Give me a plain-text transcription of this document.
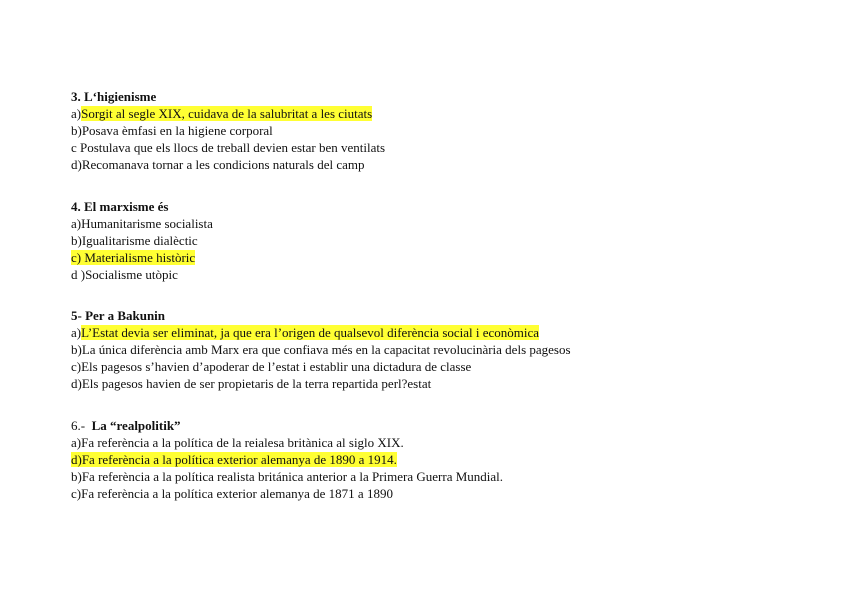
3. L‘higienisme
a)Sorgit al segle XIX, cuidava de la salubritat a les ciutats
b)Posava èmfasi en la higiene corporal
c Postulava que els llocs de treball devien estar ben ventilats
d)Recomanava tornar a les condicions naturals del camp
4. El marxisme és
a)Humanitarisme socialista
b)Igualitarisme dialèctic
c) Materialisme històric
d )Socialisme utòpic
5- Per a Bakunin
a)L’Estat devia ser eliminat, ja que era l’origen de qualsevol diferència social i econòmica
b)La única diferència amb Marx era que confiava més en la capacitat revolucinària dels pagesos
c)Els pagesos s’havien d’apoderar de l’estat i establir una dictadura de classe
d)Els pagesos havien de ser propietaris de la terra repartida perl?estat
6.- La “realpolitik”
a)Fa referència a la política de la reialesa britànica al siglo XIX.
d)Fa referència a la política exterior alemanya de 1890 a 1914.
b)Fa referència a la política realista británica anterior a la Primera Guerra Mundial.
c)Fa referència a la política exterior alemanya de 1871 a 1890
